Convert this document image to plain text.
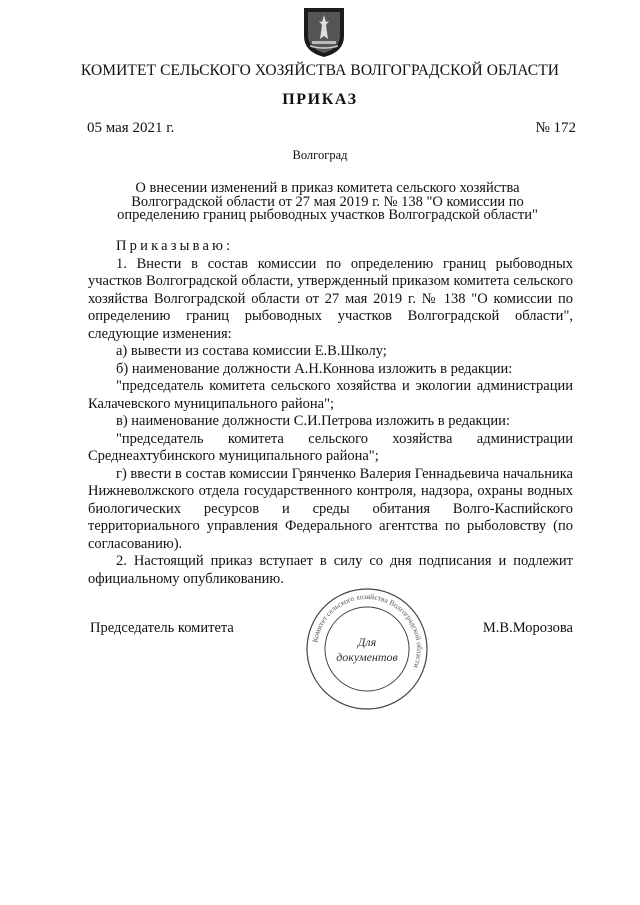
КОМИТЕТ СЕЛЬСКОГО ХОЗЯЙСТВА ВОЛГОГРАДСКОЙ ОБЛАСТИ
ПРИКАЗ
05 мая 2021 г.	№ 172
Волгоград
О внесении изменений в приказ комитета сельского хозяйства Волгоградской области от 27 мая 2019 г. № 138 "О комиссии по определению границ рыбоводных участков Волгоградской области"

Приказываю:

1. Внести в состав комиссии по определению границ рыбоводных участков Волгоградской области, утвержденный приказом комитета сельского хозяйства Волгоградской области от 27 мая 2019 г. № 138 "О комиссии по определению границ рыбоводных участков Волгоградской области", следующие изменения:

а) вывести из состава комиссии Е.В.Школу;

б) наименование должности А.Н.Коннова изложить в редакции:

"председатель комитета сельского хозяйства и экологии администрации Калачевского муниципального района";

в) наименование должности С.И.Петрова изложить в редакции:

"председатель комитета сельского хозяйства администрации Среднеахтубинского муниципального района";

г) ввести в состав комиссии Грянченко Валерия Геннадьевича начальника Нижневолжского отдела государственного контроля, надзора, охраны водных биологических ресурсов и среды обитания Волго-Каспийского территориального управления Федерального агентства по рыболовству (по согласованию).

2. Настоящий приказ вступает в силу со дня подписания и подлежит официальному опубликованию.

Председатель комитета	М.В.Морозова
Комитет сельского хозяйства Волгоградской области
Для
документов
